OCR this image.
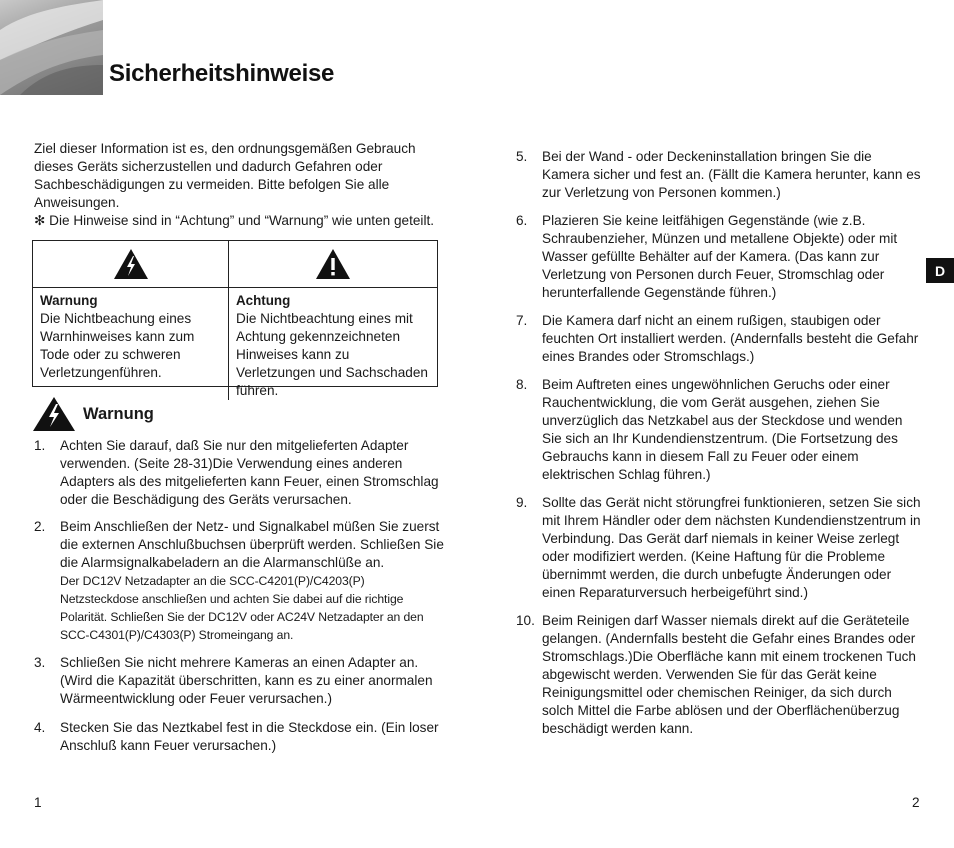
Sicherheitshinweise
Ziel dieser Information ist es, den ordnungsgemäßen Gebrauch dieses Geräts sicherzustellen und dadurch Gefahren oder Sachbeschädigungen zu vermeiden. Bitte befolgen Sie alle Anweisungen.
✻ Die Hinweise sind in “Achtung” und “Warnung” wie unten geteilt.
Warnung
Die Nichtbeachung eines Warnhinweises kann zum Tode oder zu schweren Verletzungenführen.
Achtung
Die Nichtbeachtung eines mit Achtung gekennzeichneten Hinweises kann zu Verletzungen und Sachschaden führen.
Warnung
1. Achten Sie darauf, daß Sie nur den mitgelieferten Adapter verwenden. (Seite 28-31)Die Verwendung eines anderen Adapters als des mitgelieferten kann Feuer, einen Stromschlag oder die Beschädigung des Geräts verursachen.
2. Beim Anschließen der Netz- und Signalkabel müßen Sie zuerst die externen Anschlußbuchsen überprüft werden. Schließen Sie die Alarmsignalkabeladern an die Alarmanschlüße an.
Der DC12V Netzadapter an die SCC-C4201(P)/C4203(P) Netzsteckdose anschließen und achten Sie dabei auf die richtige Polarität. Schließen Sie der DC12V oder AC24V Netzadapter an den SCC-C4301(P)/C4303(P) Stromeingang an.
3. Schließen Sie nicht mehrere Kameras an einen Adapter an. (Wird die Kapazität überschritten, kann es zu einer anormalen Wärmeentwicklung oder Feuer verursachen.)
4. Stecken Sie das Neztkabel fest in die Steckdose ein. (Ein loser Anschluß kann Feuer verursachen.)
5. Bei der Wand - oder Deckeninstallation bringen Sie die Kamera sicher und fest an. (Fällt die Kamera herunter, kann es zur Verletzung von Personen kommen.)
6. Plazieren Sie keine leitfähigen Gegenstände (wie z.B. Schraubenzieher, Münzen und metallene Objekte) oder mit Wasser gefüllte Behälter auf der Kamera. (Das kann zur Verletzung von Personen durch Feuer, Stromschlag oder herunterfallende Gegenstände führen.)
7. Die Kamera darf nicht an einem rußigen, staubigen oder feuchten Ort installiert werden. (Andernfalls besteht die Gefahr eines Brandes oder Stromschlags.)
8. Beim Auftreten eines ungewöhnlichen Geruchs oder einer Rauchentwicklung, die vom Gerät ausgehen, ziehen Sie unverzüglich das Netzkabel aus der Steckdose und wenden Sie sich an Ihr Kundendienstzentrum. (Die Fortsetzung des Gebrauchs kann in diesem Fall zu Feuer oder einem elektrischen Schlag führen.)
9. Sollte das Gerät nicht störungfrei funktionieren, setzen Sie sich mit Ihrem Händler oder dem nächsten Kundendienstzentrum in Verbindung. Das Gerät darf niemals in keiner Weise zerlegt oder modifiziert werden. (Keine Haftung für die Probleme übernimmt werden, die durch unbefugte Änderungen oder einen Reparaturversuch herbeigeführt sind.)
10. Beim Reinigen darf Wasser niemals direkt auf die Geräteteile gelangen. (Andernfalls besteht die Gefahr eines Brandes oder Stromschlags.)Die Oberfläche kann mit einem trockenen Tuch abgewischt werden. Verwenden Sie für das Gerät keine Reinigungsmittel oder chemischen Reiniger, da sich durch solch Mittel die Farbe ablösen und der Oberflächenüberzug beschädigt werden kann.
D
1	2
